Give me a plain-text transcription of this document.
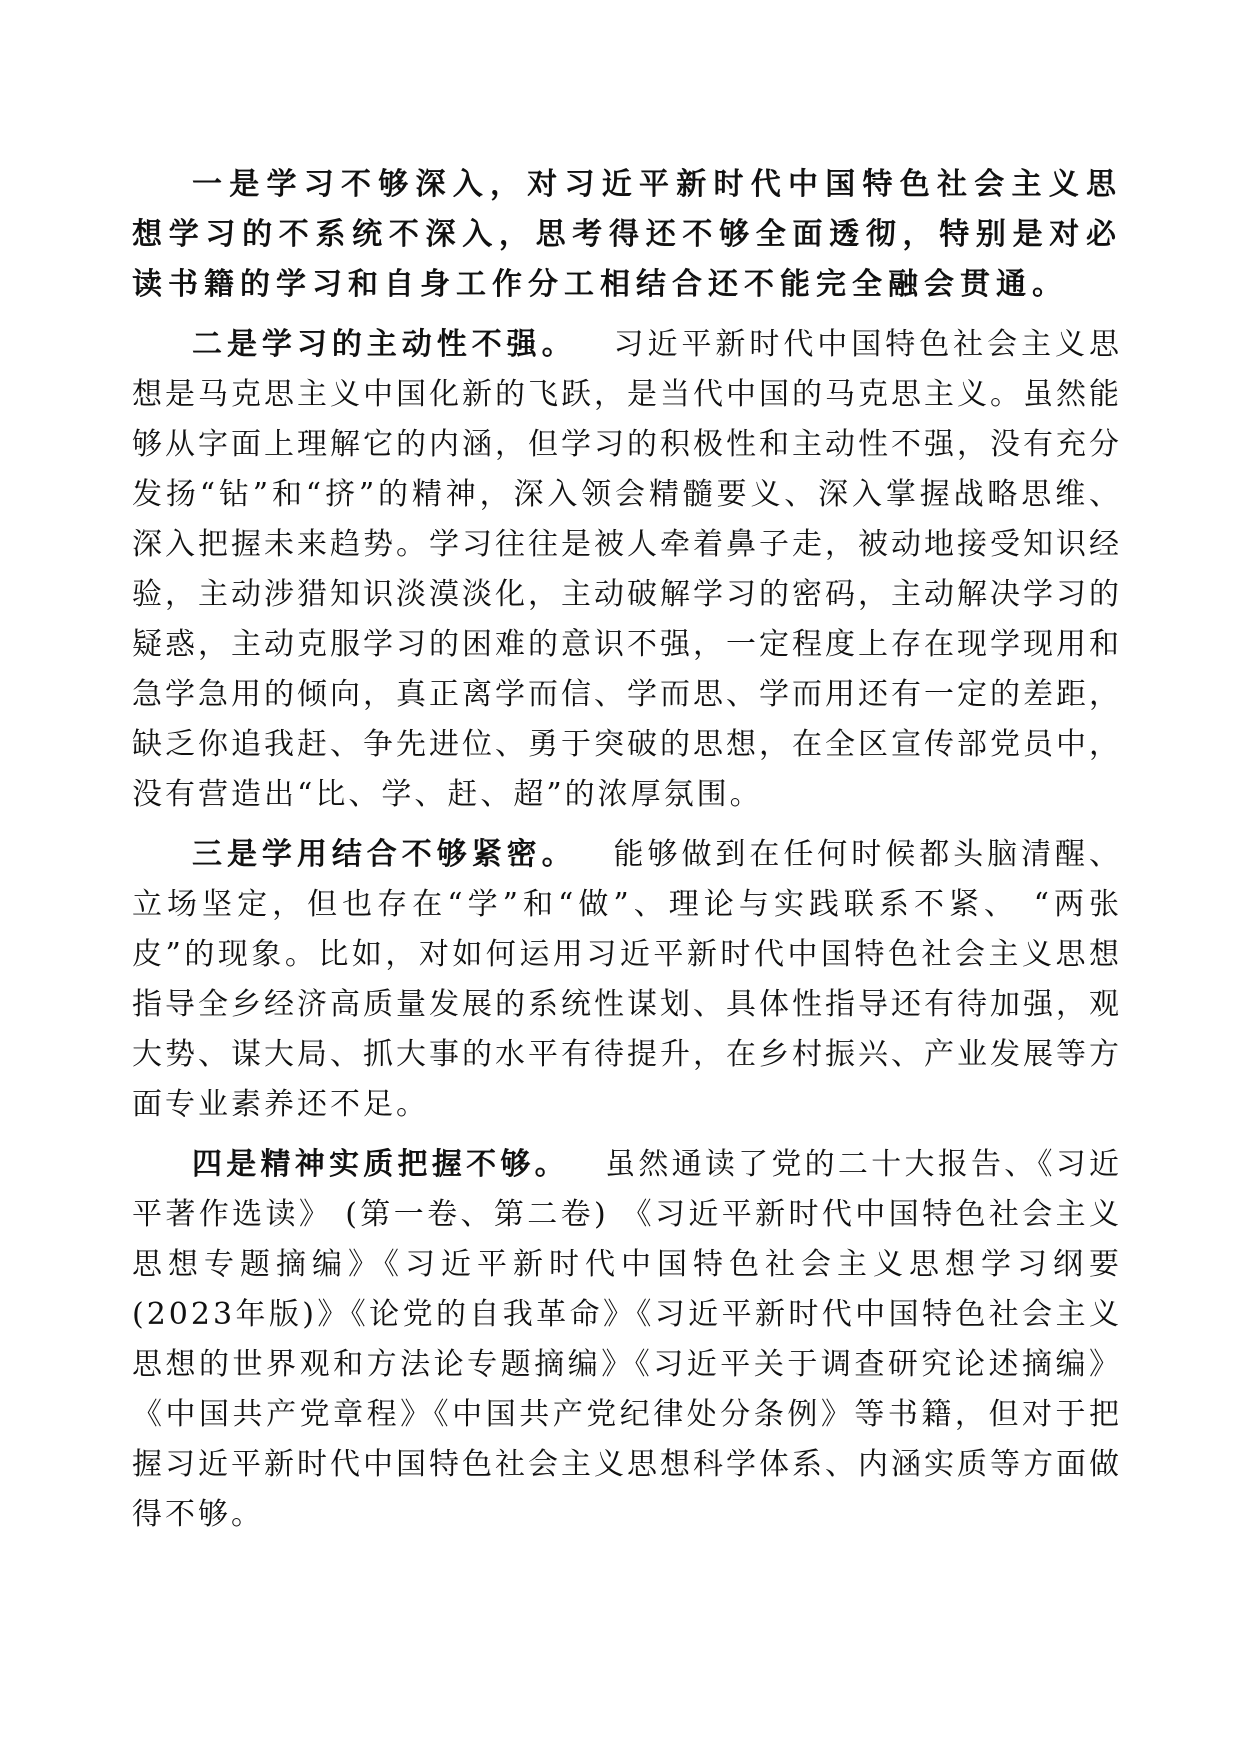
一是学习不够深入，对习近平新时代中国特色社会主义思想学习的不系统不深入，思考得还不够全面透彻，特别是对必读书籍的学习和自身工作分工相结合还不能完全融会贯通。

二是学习的主动性不强。 习近平新时代中国特色社会主义思想是马克思主义中国化新的飞跃，是当代中国的马克思主义。虽然能够从字面上理解它的内涵，但学习的积极性和主动性不强，没有充分发扬“钻”和“挤”的精神，深入领会精髓要义、深入掌握战略思维、深入把握未来趋势。学习往往是被人牵着鼻子走，被动地接受知识经验，主动涉猎知识淡漠淡化，主动破解学习的密码，主动解决学习的疑惑，主动克服学习的困难的意识不强，一定程度上存在现学现用和急学急用的倾向，真正离学而信、学而思、学而用还有一定的差距，缺乏你追我赶、争先进位、勇于突破的思想，在全区宣传部党员中，没有营造出“比、学、赶、超”的浓厚氛围。

三是学用结合不够紧密。 能够做到在任何时候都头脑清醒、立场坚定，但也存在“学”和“做”、理论与实践联系不紧、 “两张皮”的现象。比如，对如何运用习近平新时代中国特色社会主义思想指导全乡经济高质量发展的系统性谋划、具体性指导还有待加强，观大势、谋大局、抓大事的水平有待提升，在乡村振兴、产业发展等方面专业素养还不足。

四是精神实质把握不够。 虽然通读了党的二十大报告、《习近平著作选读》 (第一卷、第二卷) 《习近平新时代中国特色社会主义思想专题摘编》《习近平新时代中国特色社会主义思想学习纲要(2023年版)》《论党的自我革命》《习近平新时代中国特色社会主义思想的世界观和方法论专题摘编》《习近平关于调查研究论述摘编》《中国共产党章程》《中国共产党纪律处分条例》等书籍，但对于把握习近平新时代中国特色社会主义思想科学体系、内涵实质等方面做得不够。
